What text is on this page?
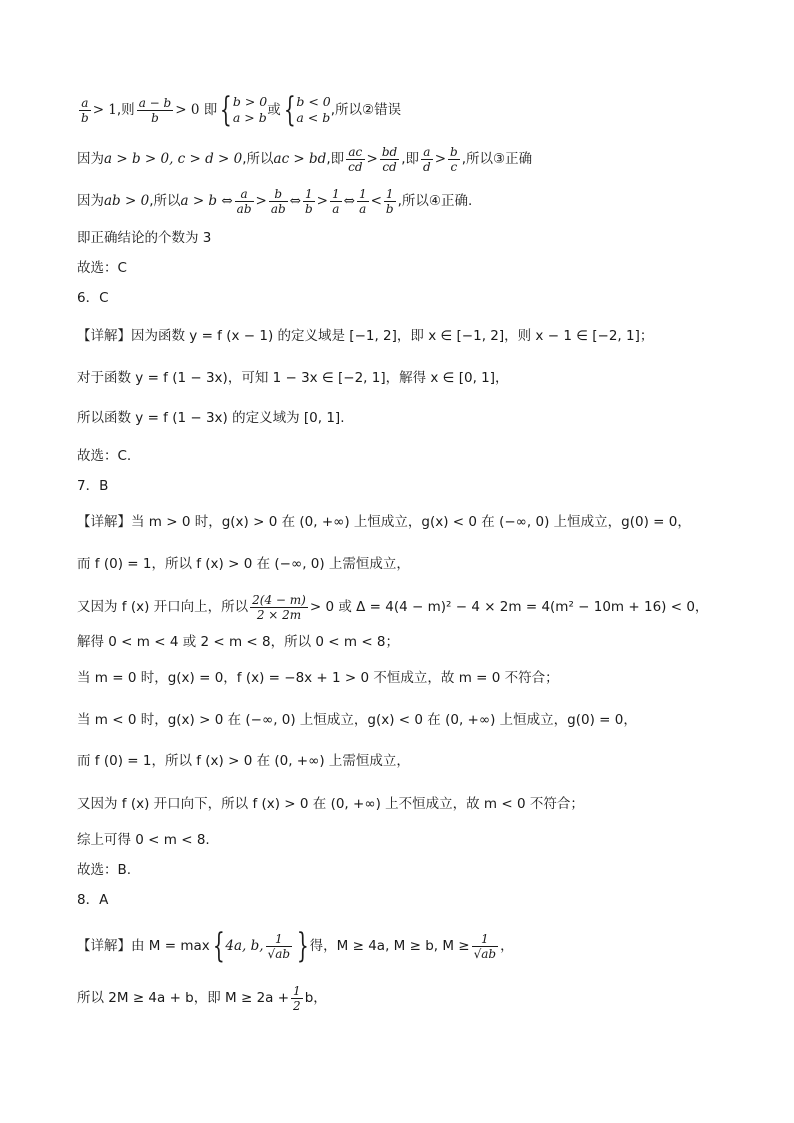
$\frac{a}{b} > 1$,则 $\frac{a - b}{b} > 0$ 即{ b > 0
a > b 或{ b < 0
a < b ,所以②错误
因为a > b > 0, c > d > 0,所以ac > bd,即 $\frac{ac}{cd} > \frac{bd}{cd}$ ,即 $\frac{a}{d} > \frac{b}{c}$ ,所以③正确
因为ab > 0,所以a > b ⇔ $\frac{a}{ab} > \frac{b}{ab}$ ⇔ $\frac{1}{b} > \frac{1}{a}$ ⇔ $\frac{1}{a} < \frac{1}{b}$ ,所以④正确.
即正确结论的个数为 3
故选：C
6．C
【详解】因为函数 y = f (x − 1) 的定义域是 [−1, 2]，即 x ∈ [−1, 2]，则 x − 1 ∈ [−2, 1]；
对于函数 y = f (1 − 3x)，可知 1 − 3x ∈ [−2, 1]，解得 x ∈ [0, 1]，
所以函数 y = f (1 − 3x) 的定义域为 [0, 1].
故选：C.
7．B
【详解】当 m > 0 时，g(x) > 0 在 (0, +∞) 上恒成立，g(x) < 0 在 (−∞, 0) 上恒成立，g(0) = 0，
而 f (0) = 1，所以 f (x) > 0 在 (−∞, 0) 上需恒成立，
又因为 f (x) 开口向上，所以 $\frac{2(4 - m)}{2 \times 2m} > 0$ 或 Δ = 4(4 − m)² − 4 × 2m = 4(m² − 10m + 16) < 0，
解得 0 < m < 4 或 2 < m < 8，所以 0 < m < 8；
当 m = 0 时，g(x) = 0，f (x) = −8x + 1 > 0 不恒成立，故 m = 0 不符合；
当 m < 0 时，g(x) > 0 在 (−∞, 0) 上恒成立，g(x) < 0 在 (0, +∞) 上恒成立，g(0) = 0，
而 f (0) = 1，所以 f (x) > 0 在 (0, +∞) 上需恒成立，
又因为 f (x) 开口向下，所以 f (x) > 0 在 (0, +∞) 上不恒成立，故 m < 0 不符合；
综上可得 0 < m < 8.
故选：B.
8．A
【详解】由 M = max{4a, b, $\frac{1}{√ab}$ }得，M ≥ 4a, M ≥ b, $M \ge \frac{1}{√ab}$ ，
所以 2M ≥ 4a + b，即 $M \ge 2a + \frac{1}{2}$ b，
